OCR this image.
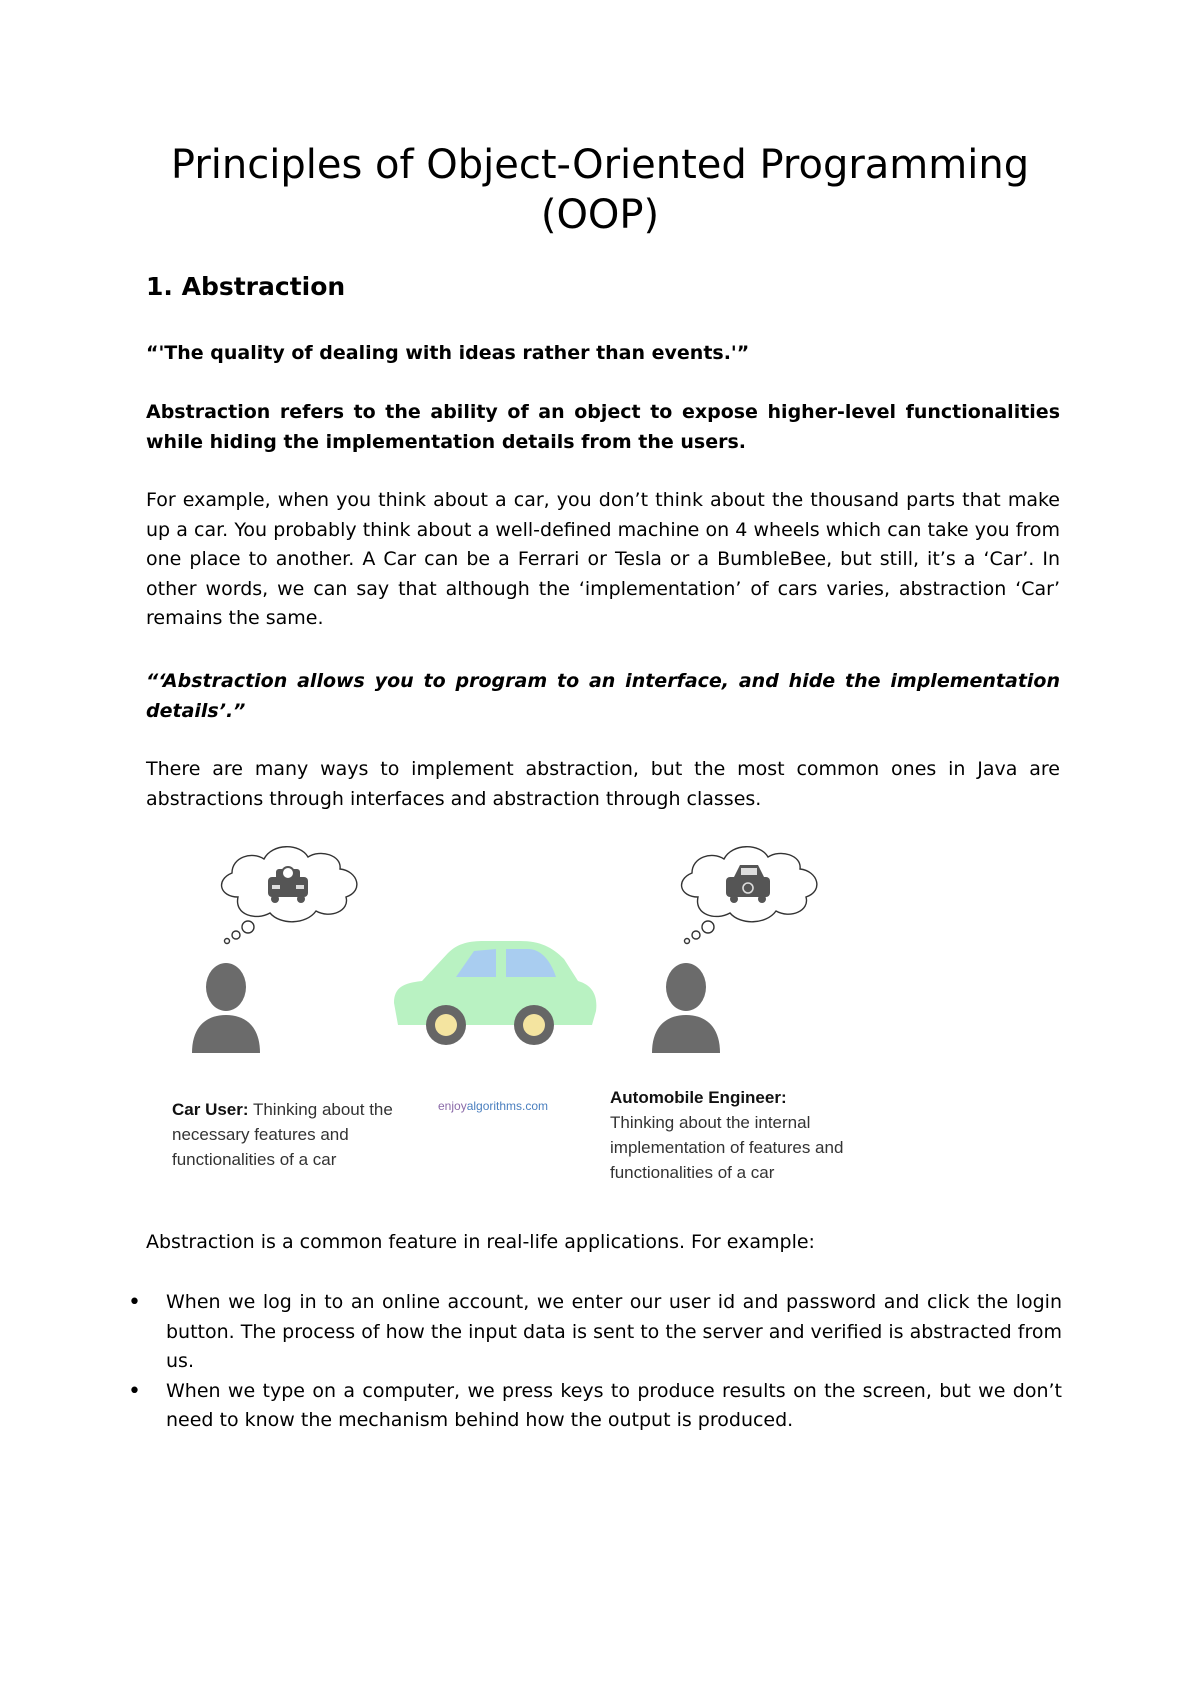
Principles of Object-Oriented Programming (OOP)
1. Abstraction

“'The quality of dealing with ideas rather than events.'”

Abstraction refers to the ability of an object to expose higher-level functionalities while hiding the implementation details from the users.

For example, when you think about a car, you don’t think about the thousand parts that make up a car. You probably think about a well-defined machine on 4 wheels which can take you from one place to another. A Car can be a Ferrari or Tesla or a BumbleBee, but still, it’s a ‘Car’. In other words, we can say that although the ‘implementation’ of cars varies, abstraction ‘Car’ remains the same.

“‘Abstraction allows you to program to an interface, and hide the implementation details’.”

There are many ways to implement abstraction, but the most common ones in Java are abstractions through interfaces and abstraction through classes.

Car User: Thinking about the necessary features and functionalities of a car

enjoyalgorithms.com	Automobile Engineer:
Thinking about the internal implementation of features and functionalities of a car

Abstraction is a common feature in real-life applications. For example:

• When we log in to an online account, we enter our user id and password and click the login button. The process of how the input data is sent to the server and verified is abstracted from us.
• When we type on a computer, we press keys to produce results on the screen, but we don’t need to know the mechanism behind how the output is produced.
